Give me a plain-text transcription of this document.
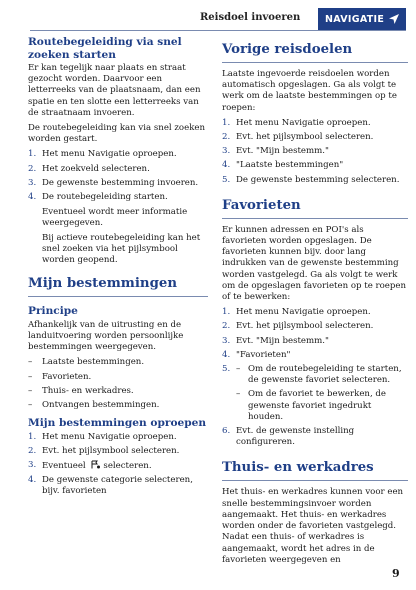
Reisdoel invoeren	NAVIGATIE
Routebegeleiding via snel zoeken starten

Er kan tegelijk naar plaats en straat gezocht worden. Daarvoor een letterreeks van de plaatsnaam, dan een spatie en ten slotte een letterreeks van de straatnaam invoeren.

De routebegeleiding kan via snel zoeken worden gestart.

1. Het menu Navigatie oproepen.
2. Het zoekveld selecteren.
3. De gewenste bestemming invoeren.
4. De routebegeleiding starten.

Eventueel wordt meer informatie weergegeven.

Bij actieve routebegeleiding kan het snel zoeken via het pijlsymbool worden geopend.

Mijn bestemmingen
Principe

Afhankelijk van de uitrusting en de landuitvoering worden persoonlijke bestemmingen weergegeven.

– Laatste bestemmingen.
– Favorieten.
– Thuis- en werkadres.
– Ontvangen bestemmingen.
Mijn bestemmingen oproepen
1. Het menu Navigatie oproepen.
2. Evt. het pijlsymbool selecteren.
3. Eventueel selecteren.
4. De gewenste categorie selecteren, bijv. favorieten
Vorige reisdoelen

Laatste ingevoerde reisdoelen worden automatisch opgeslagen. Ga als volgt te werk om de laatste bestemmingen op te roepen:

1. Het menu Navigatie oproepen.
2. Evt. het pijlsymbool selecteren.
3. Evt. "Mijn bestemm."
4. "Laatste bestemmingen"
5. De gewenste bestemming selecteren.
Favorieten

Er kunnen adressen en POI's als favorieten worden opgeslagen. De favorieten kunnen bijv. door lang indrukken van de gewenste bestemming worden vastgelegd. Ga als volgt te werk om de opgeslagen favorieten op te roepen of te bewerken:

1. Het menu Navigatie oproepen.
2. Evt. het pijlsymbool selecteren.
3. Evt. "Mijn bestemm."
4. "Favorieten"
5. – Om de routebegeleiding te starten, de gewenste favoriet selecteren.
– Om de favoriet te bewerken, de gewenste favoriet ingedrukt houden.
6. Evt. de gewenste instelling configureren.
Thuis- en werkadres

Het thuis- en werkadres kunnen voor een snelle bestemmingsinvoer worden aangemaakt. Het thuis- en werkadres worden onder de favorieten vastgelegd. Nadat een thuis- of werkadres is aangemaakt, wordt het adres in de favorieten weergegeven en

9
